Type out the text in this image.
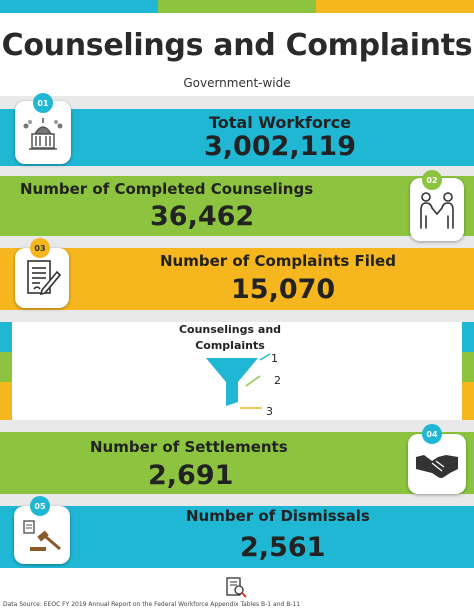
Counselings and Complaints
Government-wide
01
Total Workforce
3,002,119
02
Number of Completed Counselings
36,462
03
Number of Complaints Filed
15,070
Counselings and
Complaints
1
2
3
04
Number of Settlements
2,691
05
Number of Dismissals
2,561
Data Source: EEOC FY 2019 Annual Report on the Federal Workforce Appendix Tables B-1 and B-11
